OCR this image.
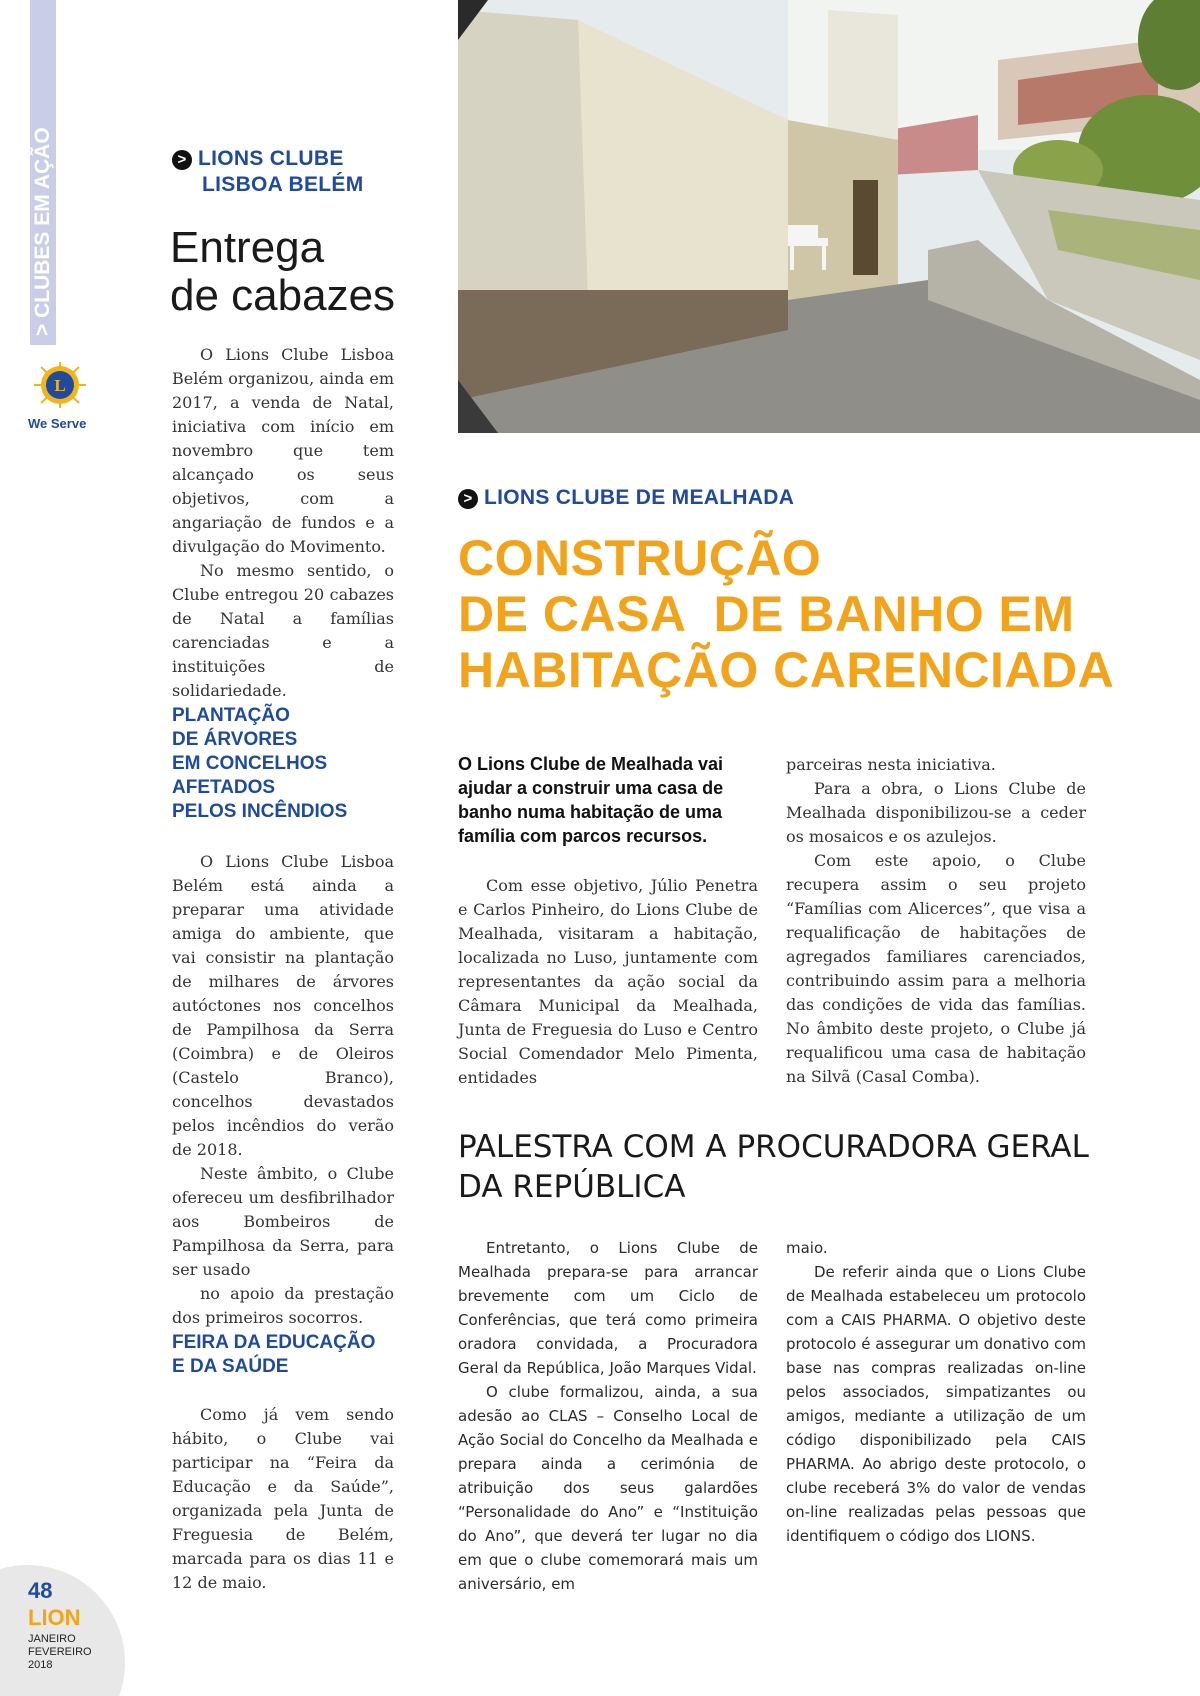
> CLUBES EM AÇÃO
L
We Serve
48
LION
JANEIRO
FEVEREIRO
2018
> LIONS CLUBE
LISBOA BELÉM
Entrega
de cabazes

O Lions Clube Lisboa Belém organizou, ainda em 2017, a venda de Natal, iniciativa com início em novembro que tem alcançado os seus objetivos, com a angariação de fundos e a divulgação do Movimento.

No mesmo sentido, o Clube entregou 20 cabazes de Natal a famílias carenciadas e a instituições de solidariedade.

PLANTAÇÃO
DE ÁRVORES
EM CONCELHOS
AFETADOS
PELOS INCÊNDIOS

O Lions Clube Lisboa Belém está ainda a preparar uma atividade amiga do ambiente, que vai consistir na plantação de milhares de árvores autóctones nos concelhos de Pampilhosa da Serra (Coimbra) e de Oleiros (Castelo Branco), concelhos devastados pelos incêndios do verão de 2018.

Neste âmbito, o Clube ofereceu um desfibrilhador aos Bombeiros de Pampilhosa da Serra, para ser usado

no apoio da prestação dos primeiros socorros.

FEIRA DA EDUCAÇÃO
E DA SAÚDE

Como já vem sendo hábito, o Clube vai participar na “Feira da Educação e da Saúde”, organizada pela Junta de Freguesia de Belém, marcada para os dias 11 e 12 de maio.

> LIONS CLUBE DE MEALHADA
CONSTRUÇÃO
DE CASA  DE BANHO EM
HABITAÇÃO CARENCIADA
O Lions Clube de Mealhada vai ajudar a construir uma casa de banho numa habitação de uma família com parcos recursos.

Com esse objetivo, Júlio Penetra e Carlos Pinheiro, do Lions Clube de Mealhada, visitaram a habitação, localizada no Luso, juntamente com representantes da ação social da Câmara Municipal da Mealhada, Junta de Freguesia do Luso e Centro Social Comendador Melo Pimenta, entidades

parceiras nesta iniciativa.

Para a obra, o Lions Clube de Mealhada disponibilizou-se a ceder os mosaicos e os azulejos.

Com este apoio, o Clube recupera assim o seu projeto “Famílias com Alicerces”, que visa a requalificação de habitações de agregados familiares carenciados, contribuindo assim para a melhoria das condições de vida das famílias. No âmbito deste projeto, o Clube já requalificou uma casa de habitação na Silvã (Casal Comba).

PALESTRA COM A PROCURADORA GERAL
DA REPÚBLICA

Entretanto, o Lions Clube de Mealhada prepara-se para arrancar brevemente com um Ciclo de Conferências, que terá como primeira oradora convidada, a Procuradora Geral da República, João Marques Vidal.

O clube formalizou, ainda, a sua adesão ao CLAS – Conselho Local de Ação Social do Concelho da Mealhada e prepara ainda a cerimónia de atribuição dos seus galardões “Personalidade do Ano” e “Instituição do Ano”, que deverá ter lugar no dia em que o clube comemorará mais um aniversário, em

maio.

De referir ainda que o Lions Clube de Mealhada estabeleceu um protocolo com a CAIS PHARMA. O objetivo deste protocolo é assegurar um donativo com base nas compras realizadas on-line pelos associados, simpatizantes ou amigos, mediante a utilização de um código disponibilizado pela CAIS PHARMA. Ao abrigo deste protocolo, o clube receberá 3% do valor de vendas on-line realizadas pelas pessoas que identifiquem o código dos LIONS.
